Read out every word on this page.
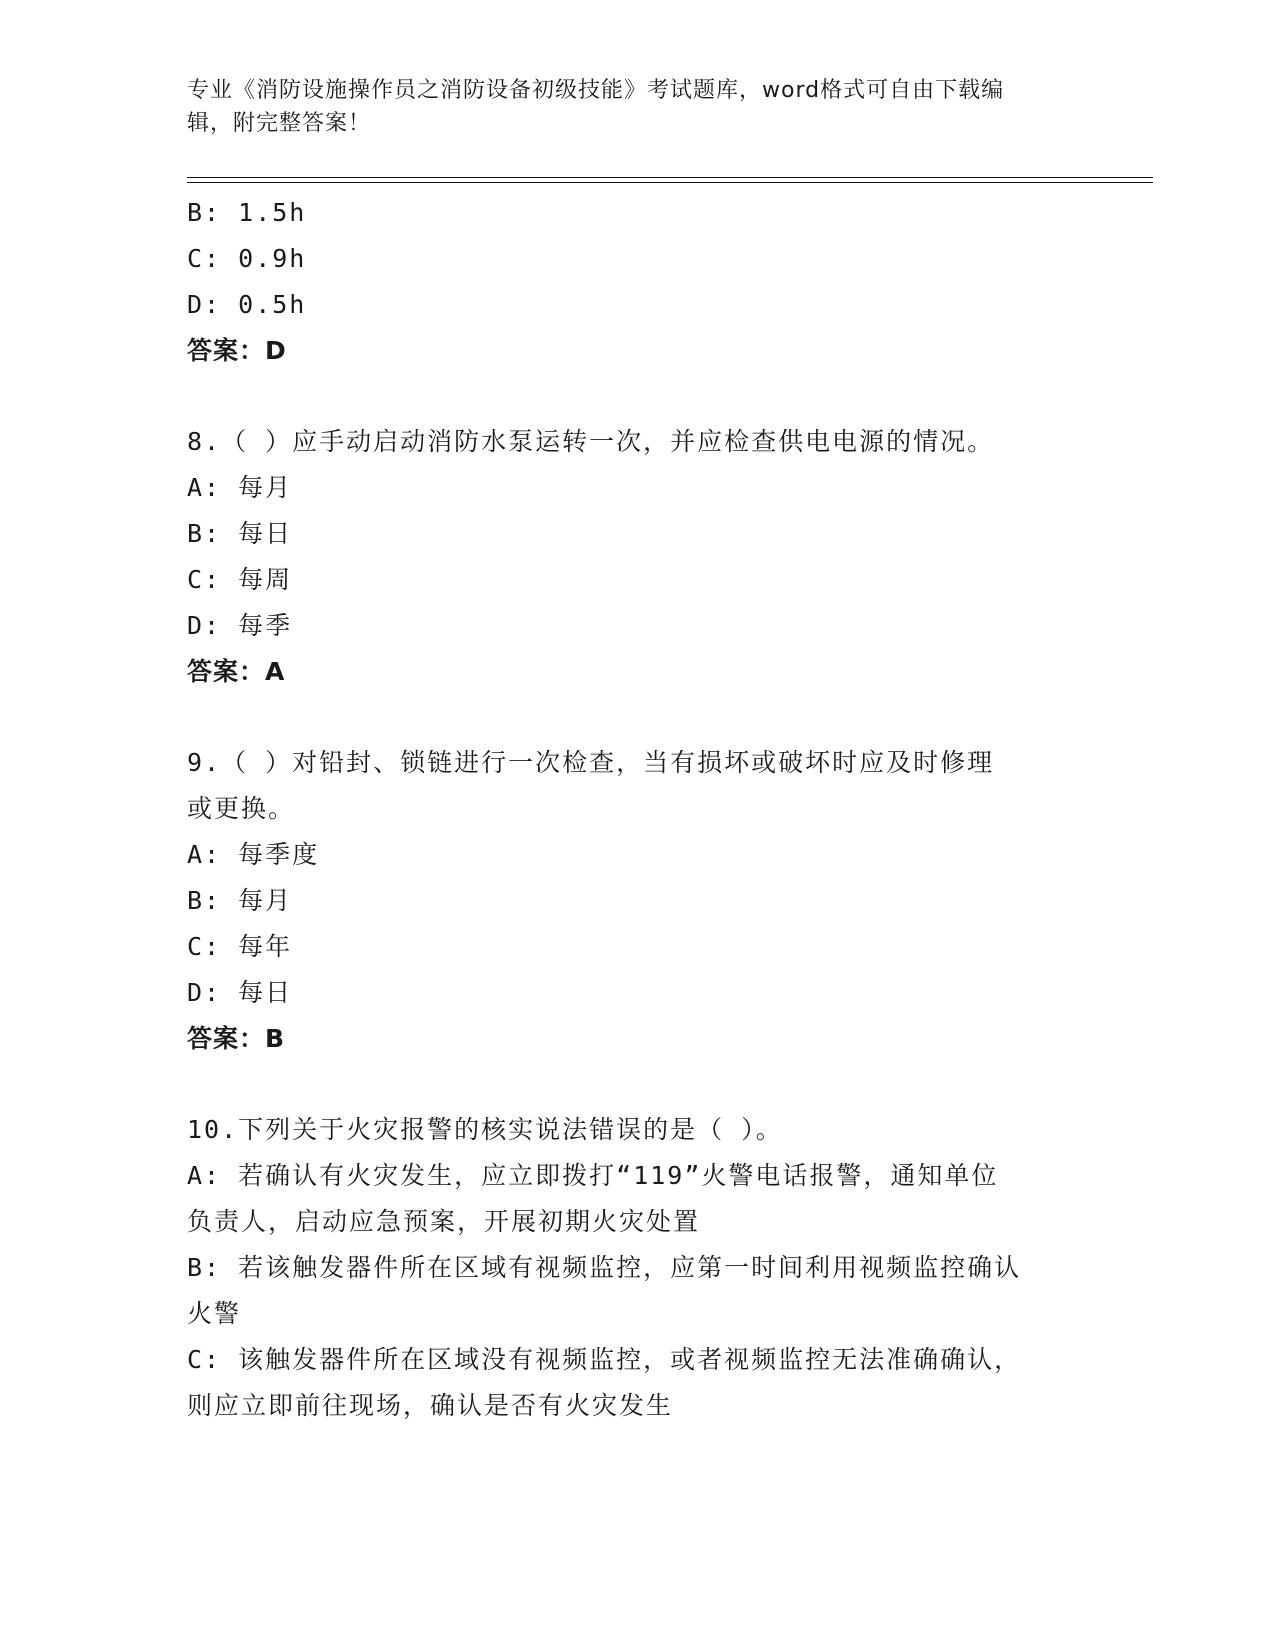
专业《消防设施操作员之消防设备初级技能》考试题库，word格式可自由下载编
辑，附完整答案！
B: 1.5h
C: 0.9h
D: 0.5h
答案：D
8.（ ）应手动启动消防水泵运转一次，并应检查供电电源的情况。
A: 每月
B: 每日
C: 每周
D: 每季
答案：A
9.（ ）对铅封、锁链进行一次检查，当有损坏或破坏时应及时修理
或更换。
A: 每季度
B: 每月
C: 每年
D: 每日
答案：B
10.下列关于火灾报警的核实说法错误的是（ ）。
A: 若确认有火灾发生，应立即拨打“119”火警电话报警，通知单位
负责人，启动应急预案，开展初期火灾处置
B: 若该触发器件所在区域有视频监控，应第一时间利用视频监控确认
火警
C: 该触发器件所在区域没有视频监控，或者视频监控无法准确确认，
则应立即前往现场，确认是否有火灾发生
